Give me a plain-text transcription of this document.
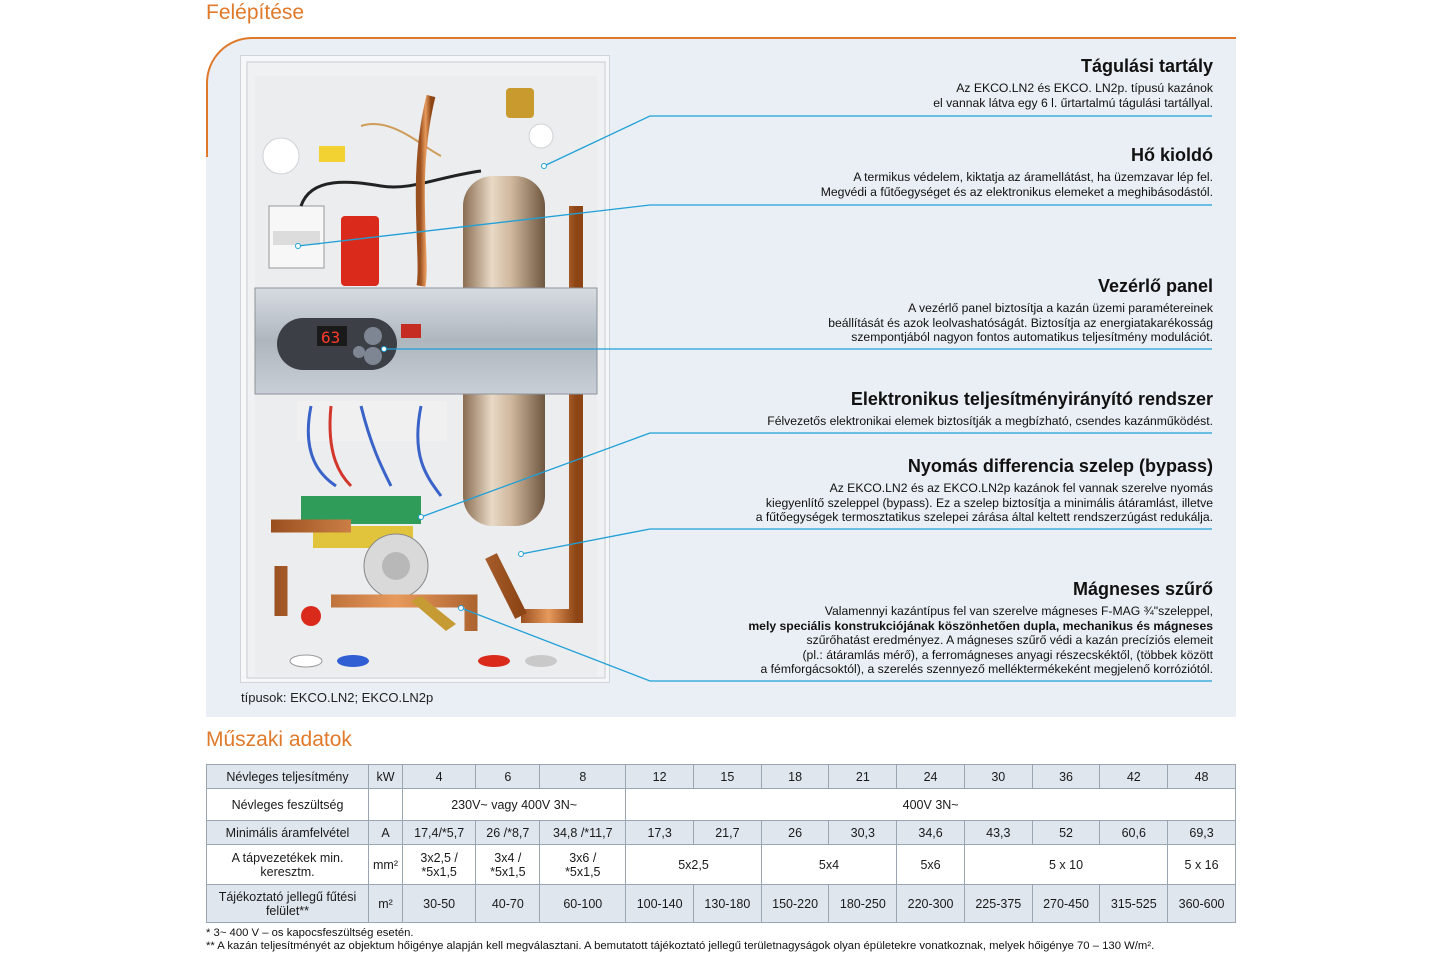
Felépítése
63
típusok: EKCO.LN2; EKCO.LN2p
Tágulási tartály

Az EKCO.LN2 és EKCO. LN2p. típusú kazánok
el vannak látva egy 6 l. űrtartalmú tágulási tartállyal.

Hő kioldó

A termikus védelem, kiktatja az áramellátást, ha üzemzavar lép fel.
Megvédi a fűtőegységet és az elektronikus elemeket a meghibásodástól.

Vezérlő panel

A vezérlő panel biztosítja a kazán üzemi paramétereinek
beállítását és azok leolvashatóságát. Biztosítja az energiatakarékosság
szempontjából nagyon fontos automatikus teljesítmény modulációt.

Elektronikus teljesítményirányító rendszer

Félvezetős elektronikai elemek biztosítják a megbízható, csendes kazánműködést.

Nyomás differencia szelep (bypass)

Az EKCO.LN2 és az EKCO.LN2p kazánok fel vannak szerelve nyomás
kiegyenlítő szeleppel (bypass). Ez a szelep biztosítja a minimális átáramlást, illetve
a fűtőegységek termosztatikus szelepei zárása által keltett rendszerzúgást redukálja.

Mágneses szűrő

Valamennyi kazántípus fel van szerelve mágneses F-MAG ¾"szeleppel,
mely speciális konstrukciójának köszönhetően dupla, mechanikus és mágneses
szűrőhatást eredményez. A mágneses szűrő védi a kazán precíziós elemeit
(pl.: átáramlás mérő), a ferromágneses anyagi részecskéktől, (többek között
a fémforgácsoktól), a szerelés szennyező melléktermékeként megjelenő korróziótól.

Műszaki adatok
Névleges teljesítmény	kW	4	6	8	12	15	18	21	24	30	36	42	48
Névleges feszültség		230V~ vagy 400V 3N~			400V 3N~								
Minimális áramfelvétel	A	17,4/*5,7	26 /*8,7	34,8 /*11,7	17,3	21,7	26	30,3	34,6	43,3	52	60,6	69,3
A tápvezetékek min.
keresztm.	mm²	3x2,5 /
*5x1,5	3x4 /
*5x1,5	3x6 /
*5x1,5	5x2,5		5x4		5x6	5 x 10			5 x 16
Tájékoztató jellegű fűtési
felület**	m²	30-50	40-70	60-100	100-140	130-180	150-220	180-250	220-300	225-375	270-450	315-525	360-600
* 3~ 400 V – os kapocsfeszültség esetén.
** A kazán teljesítményét az objektum hőigénye alapján kell megválasztani. A bemutatott tájékoztató jellegű területnagyságok olyan épületekre vonatkoznak, melyek hőigénye 70 – 130 W/m².
